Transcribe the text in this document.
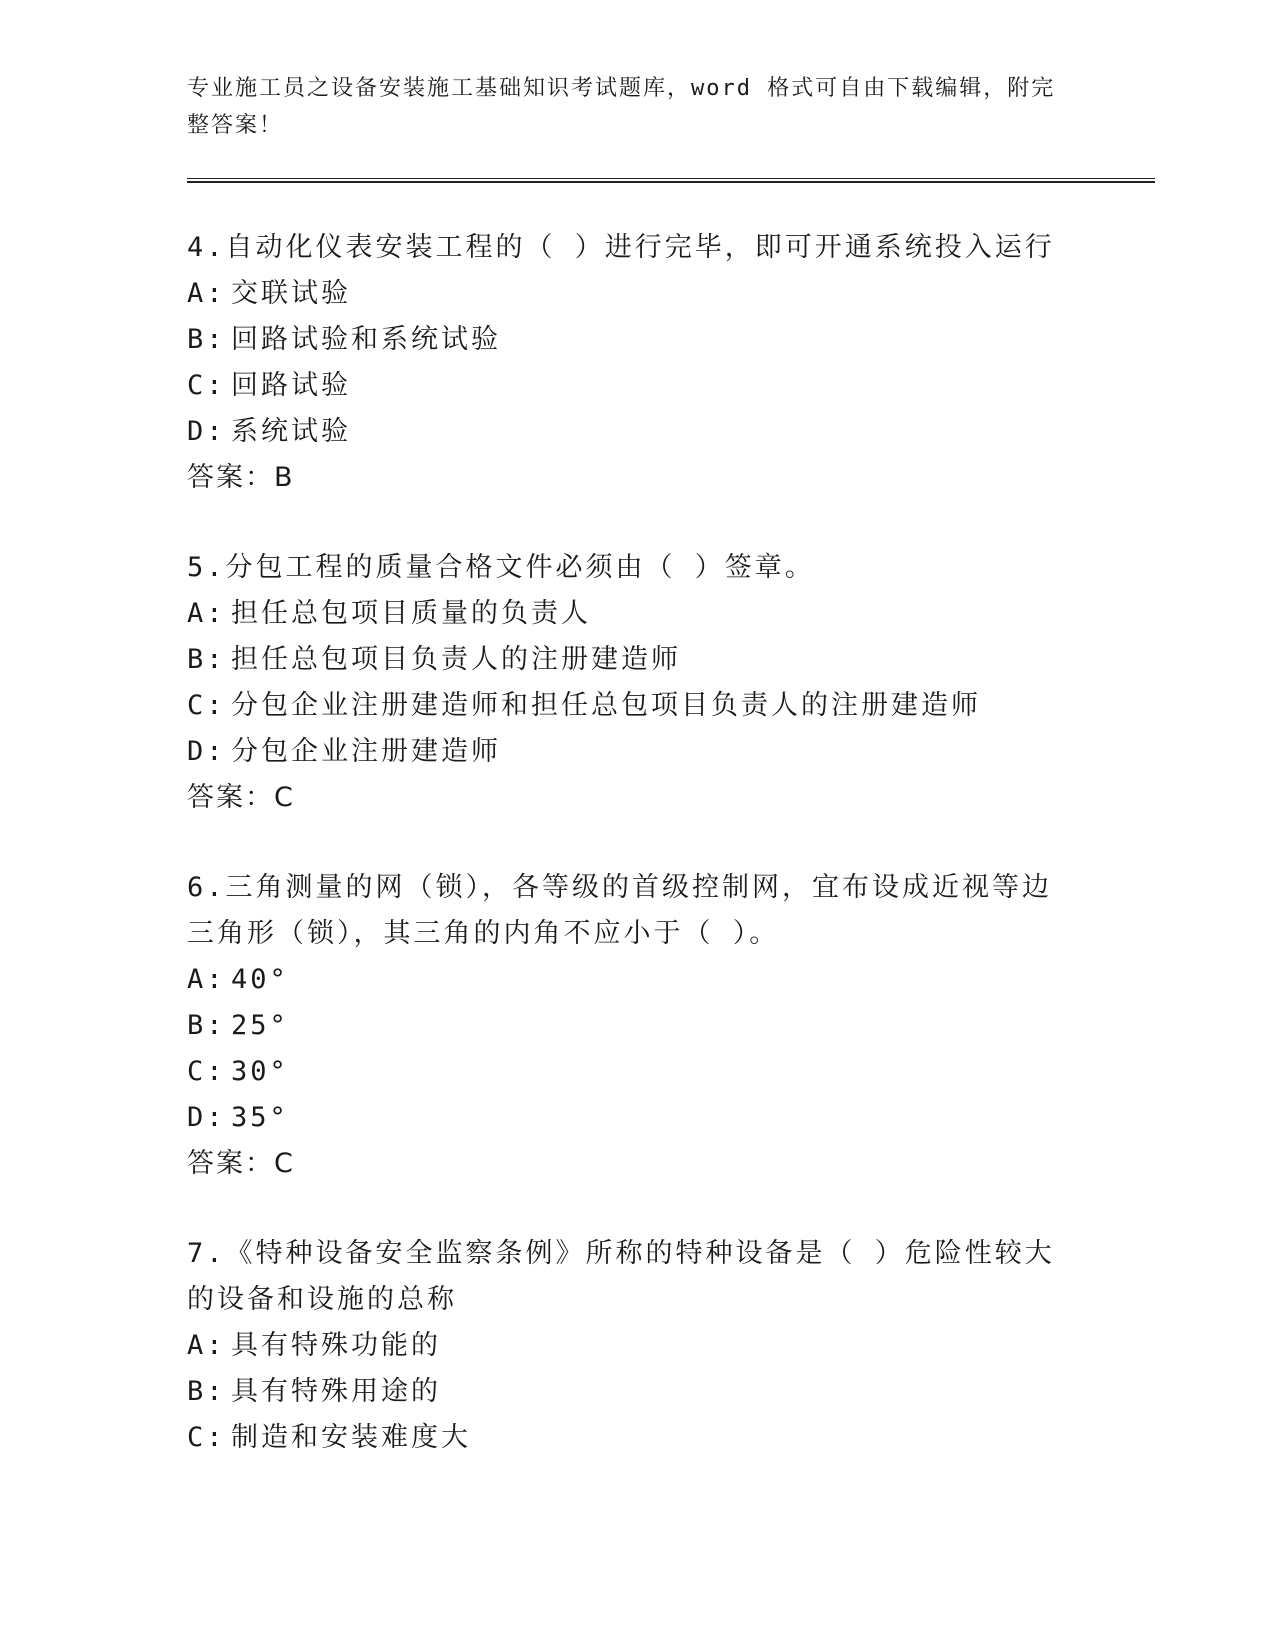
专业施工员之设备安装施工基础知识考试题库，word 格式可自由下载编辑，附完整答案！

4.自动化仪表安装工程的（ ）进行完毕，即可开通系统投入运行

A: 交联试验

B: 回路试验和系统试验

C: 回路试验

D: 系统试验

答案：B

5.分包工程的质量合格文件必须由（ ）签章。

A: 担任总包项目质量的负责人

B: 担任总包项目负责人的注册建造师

C: 分包企业注册建造师和担任总包项目负责人的注册建造师

D: 分包企业注册建造师

答案：C

6.三角测量的网（锁），各等级的首级控制网，宜布设成近视等边三角形（锁），其三角的内角不应小于（ ）。

A: 40°

B: 25°

C: 30°

D: 35°

答案：C

7.《特种设备安全监察条例》所称的特种设备是（ ）危险性较大的设备和设施的总称

A: 具有特殊功能的

B: 具有特殊用途的

C: 制造和安装难度大
